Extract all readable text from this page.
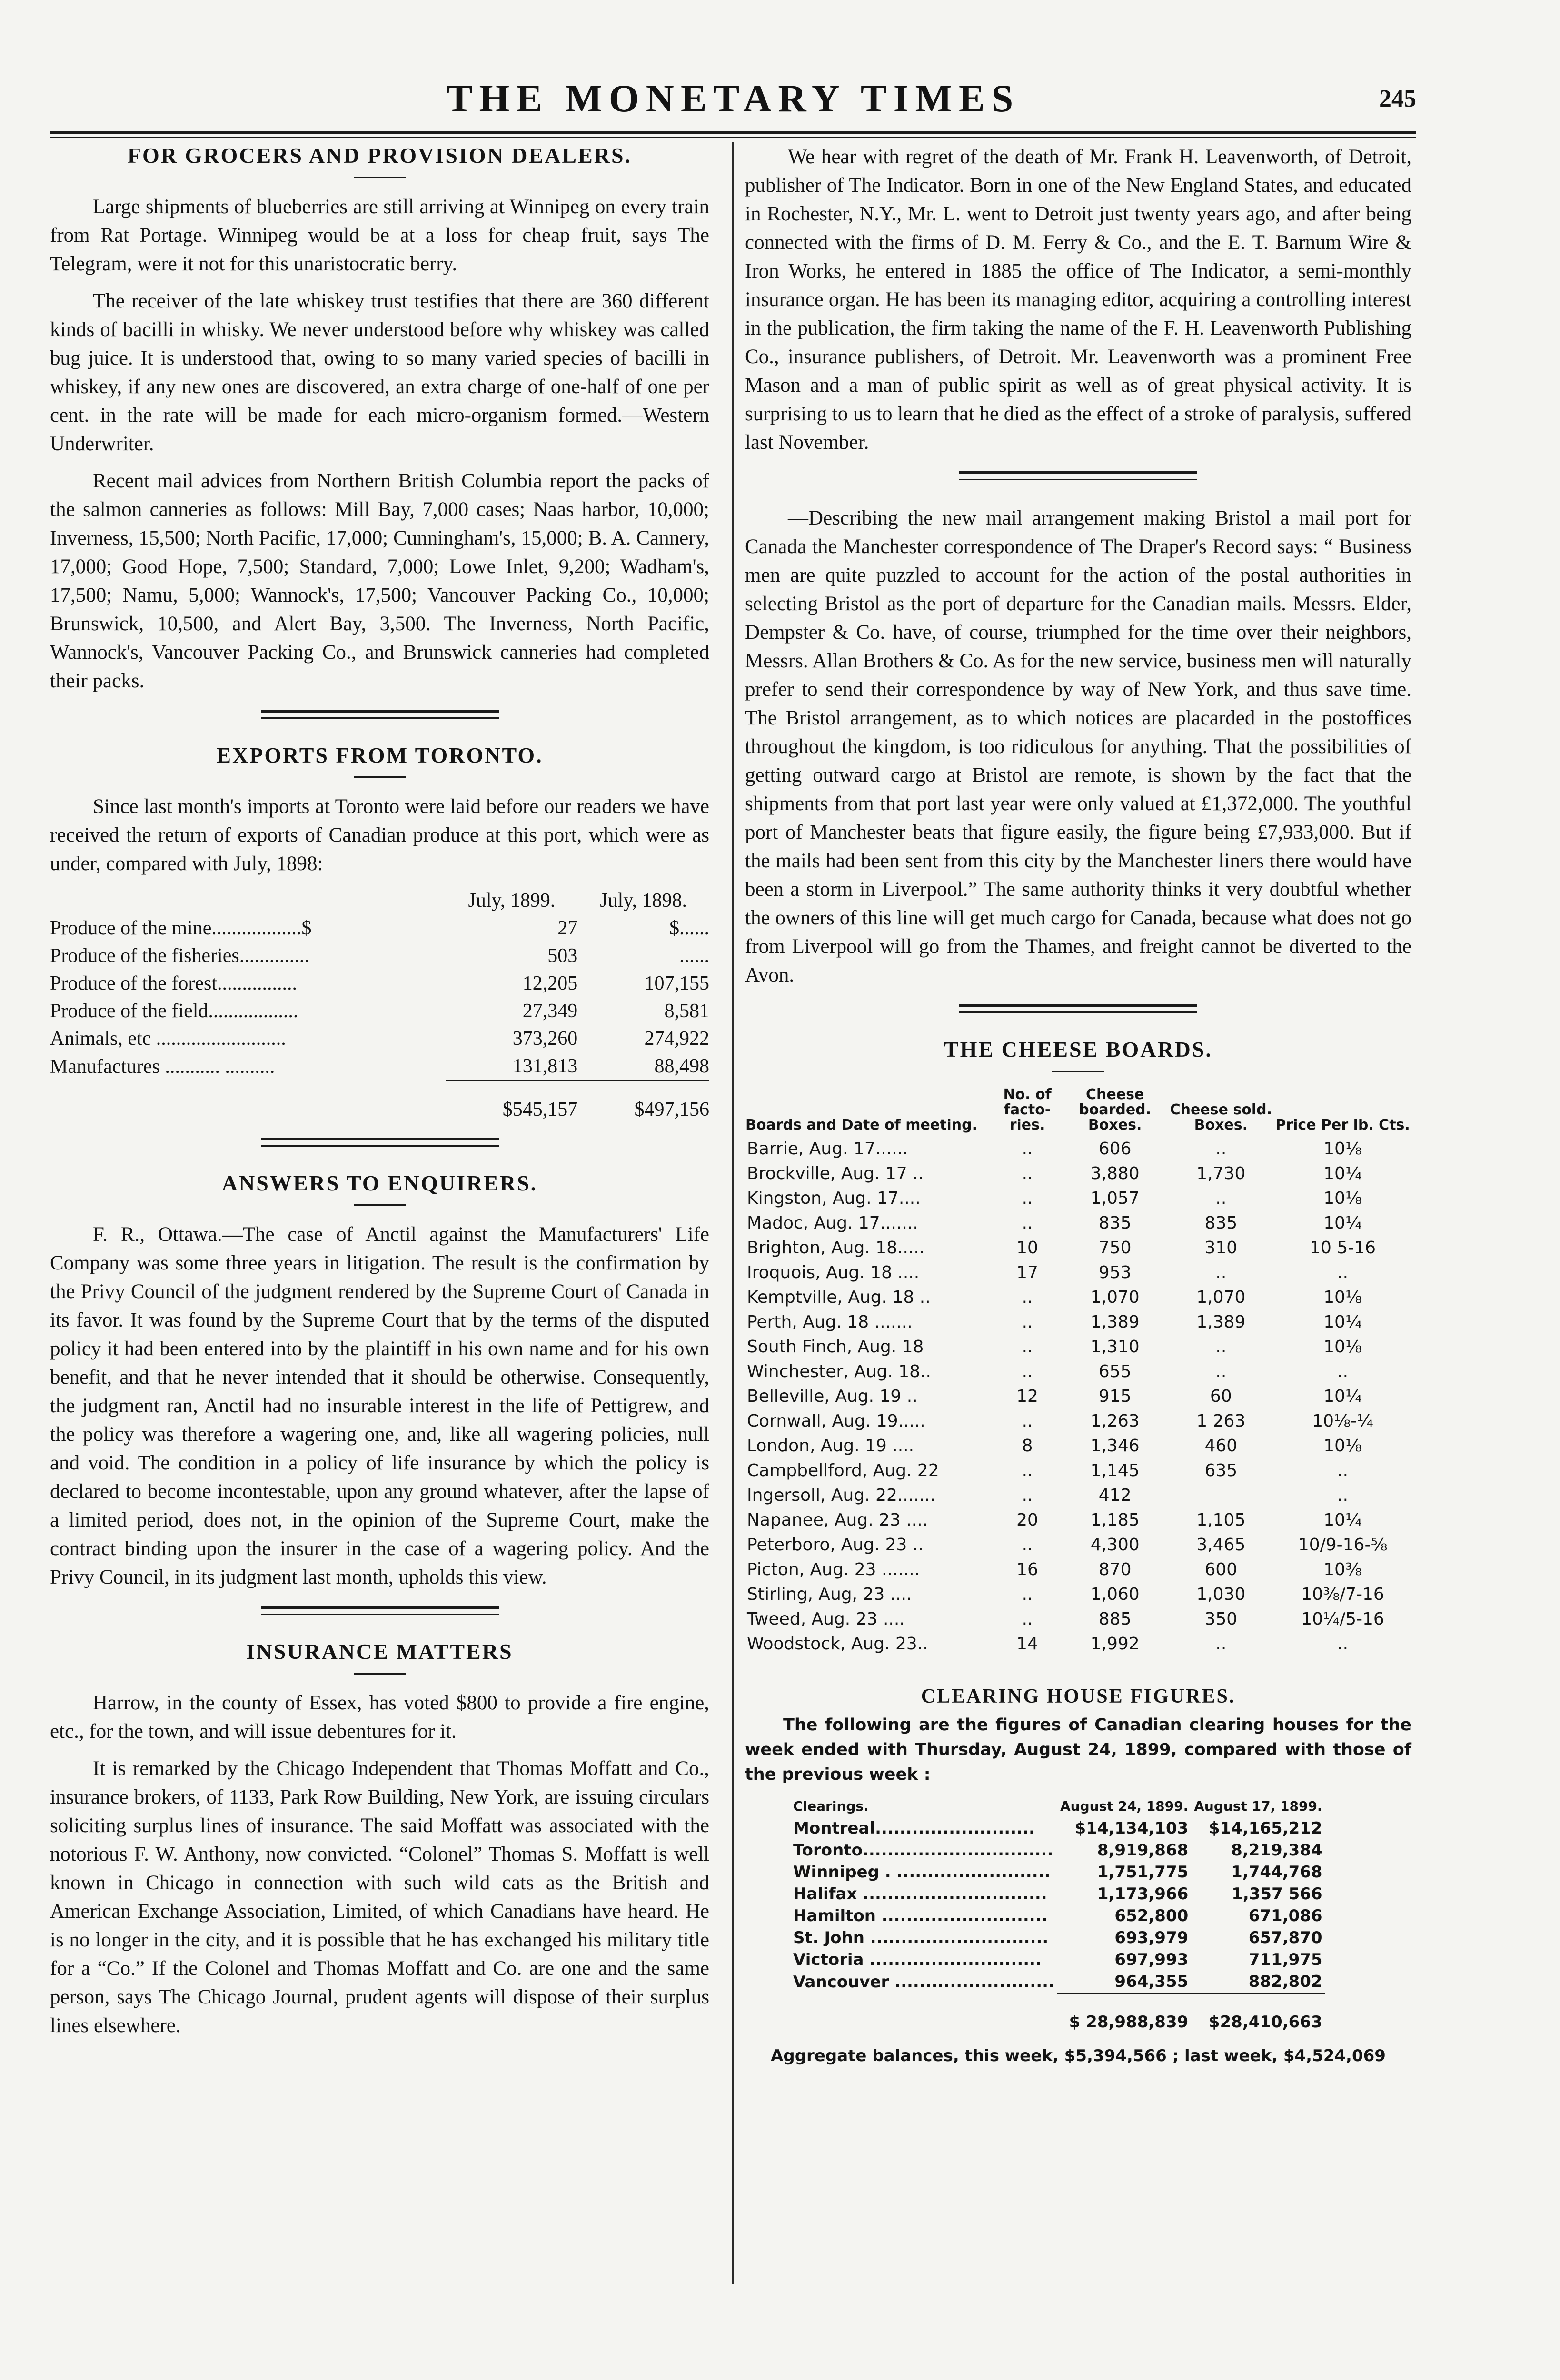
THE MONETARY TIMES	245
FOR GROCERS AND PROVISION DEALERS.

Large shipments of blueberries are still arriving at Winnipeg on every train from Rat Portage. Winnipeg would be at a loss for cheap fruit, says The Telegram, were it not for this unaristocratic berry.

The receiver of the late whiskey trust testifies that there are 360 different kinds of bacilli in whisky. We never understood before why whiskey was called bug juice. It is understood that, owing to so many varied species of bacilli in whiskey, if any new ones are discovered, an extra charge of one-half of one per cent. in the rate will be made for each micro-organism formed.—Western Underwriter.

Recent mail advices from Northern British Columbia report the packs of the salmon canneries as follows: Mill Bay, 7,000 cases; Naas harbor, 10,000; Inverness, 15,500; North Pacific, 17,000; Cunningham's, 15,000; B. A. Cannery, 17,000; Good Hope, 7,500; Standard, 7,000; Lowe Inlet, 9,200; Wadham's, 17,500; Namu, 5,000; Wannock's, 17,500; Vancouver Packing Co., 10,000; Brunswick, 10,500, and Alert Bay, 3,500. The Inverness, North Pacific, Wannock's, Vancouver Packing Co., and Brunswick canneries had completed their packs.

EXPORTS FROM TORONTO.

Since last month's imports at Toronto were laid before our readers we have received the return of exports of Canadian produce at this port, which were as under, compared with July, 1898:

	July, 1899.	July, 1898.
Produce of the mine..................$	27	$......
Produce of the fisheries..............	503	......
Produce of the forest................	12,205	107,155
Produce of the field..................	27,349	8,581
Animals, etc ..........................	373,260	274,922
Manufactures ........... ..........	131,813	88,498
	$545,157	$497,156
ANSWERS TO ENQUIRERS.

F. R., Ottawa.—The case of Anctil against the Manufacturers' Life Company was some three years in litigation. The result is the confirmation by the Privy Council of the judgment rendered by the Supreme Court of Canada in its favor. It was found by the Supreme Court that by the terms of the disputed policy it had been entered into by the plaintiff in his own name and for his own benefit, and that he never intended that it should be otherwise. Consequently, the judgment ran, Anctil had no insurable interest in the life of Pettigrew, and the policy was therefore a wagering one, and, like all wagering policies, null and void. The condition in a policy of life insurance by which the policy is declared to become incontestable, upon any ground whatever, after the lapse of a limited period, does not, in the opinion of the Supreme Court, make the contract binding upon the insurer in the case of a wagering policy. And the Privy Council, in its judgment last month, upholds this view.

INSURANCE MATTERS

Harrow, in the county of Essex, has voted $800 to provide a fire engine, etc., for the town, and will issue debentures for it.

It is remarked by the Chicago Independent that Thomas Moffatt and Co., insurance brokers, of 1133, Park Row Building, New York, are issuing circulars soliciting surplus lines of insurance. The said Moffatt was associated with the notorious F. W. Anthony, now convicted. “Colonel” Thomas S. Moffatt is well known in Chicago in connection with such wild cats as the British and American Exchange Association, Limited, of which Canadians have heard. He is no longer in the city, and it is possible that he has exchanged his military title for a “Co.” If the Colonel and Thomas Moffatt and Co. are one and the same person, says The Chicago Journal, prudent agents will dispose of their surplus lines elsewhere.

We hear with regret of the death of Mr. Frank H. Leavenworth, of Detroit, publisher of The Indicator. Born in one of the New England States, and educated in Rochester, N.Y., Mr. L. went to Detroit just twenty years ago, and after being connected with the firms of D. M. Ferry & Co., and the E. T. Barnum Wire & Iron Works, he entered in 1885 the office of The Indicator, a semi-monthly insurance organ. He has been its managing editor, acquiring a controlling interest in the publication, the firm taking the name of the F. H. Leavenworth Publishing Co., insurance publishers, of Detroit. Mr. Leavenworth was a prominent Free Mason and a man of public spirit as well as of great physical activity. It is surprising to us to learn that he died as the effect of a stroke of paralysis, suffered last November.

—Describing the new mail arrangement making Bristol a mail port for Canada the Manchester correspondence of The Draper's Record says: “ Business men are quite puzzled to account for the action of the postal authorities in selecting Bristol as the port of departure for the Canadian mails. Messrs. Elder, Dempster & Co. have, of course, triumphed for the time over their neighbors, Messrs. Allan Brothers & Co. As for the new service, business men will naturally prefer to send their correspondence by way of New York, and thus save time. The Bristol arrangement, as to which notices are placarded in the postoffices throughout the kingdom, is too ridiculous for anything. That the possibilities of getting outward cargo at Bristol are remote, is shown by the fact that the shipments from that port last year were only valued at £1,372,000. The youthful port of Manchester beats that figure easily, the figure being £7,933,000. But if the mails had been sent from this city by the Manchester liners there would have been a storm in Liverpool.” The same authority thinks it very doubtful whether the owners of this line will get much cargo for Canada, because what does not go from Liverpool will go from the Thames, and freight cannot be diverted to the Avon.

THE CHEESE BOARDS.
Boards and Date of meeting.	No. of facto- ries.	Cheese boarded. Boxes.	Cheese sold. Boxes.	Price Per lb. Cts.
Barrie, Aug. 17......	..	606	..	10⅛
Brockville, Aug. 17 ..	..	3,880	1,730	10¼
Kingston, Aug. 17....	..	1,057	..	10⅛
Madoc, Aug. 17.......	..	835	835	10¼
Brighton, Aug. 18.....	10	750	310	10 5-16
Iroquois, Aug. 18 ....	17	953	..	..
Kemptville, Aug. 18 ..	..	1,070	1,070	10⅛
Perth, Aug. 18 .......	..	1,389	1,389	10¼
South Finch, Aug. 18	..	1,310	..	10⅛
Winchester, Aug. 18..	..	655	..	..
Belleville, Aug. 19 ..	12	915	60	10¼
Cornwall, Aug. 19.....	..	1,263	1 263	10⅛-¼
London, Aug. 19 ....	8	1,346	460	10⅛
Campbellford, Aug. 22	..	1,145	635	..
Ingersoll, Aug. 22.......	..	412		..
Napanee, Aug. 23 ....	20	1,185	1,105	10¼
Peterboro, Aug. 23 ..	..	4,300	3,465	10/9-16-⅝
Picton, Aug. 23 .......	16	870	600	10⅜
Stirling, Aug, 23 ....	..	1,060	1,030	10⅜/7-16
Tweed, Aug. 23 ....	..	885	350	10¼/5-16
Woodstock, Aug. 23..	14	1,992	..	..
CLEARING HOUSE FIGURES.
The following are the figures of Canadian clearing houses for the week ended with Thursday, August 24, 1899, compared with those of the previous week :
Clearings.	August 24, 1899.	August 17, 1899.
Montreal..........................	$14,134,103	$14,165,212
Toronto...............................	8,919,868	8,219,384
Winnipeg . .........................	1,751,775	1,744,768
Halifax ..............................	1,173,966	1,357 566
Hamilton ...........................	652,800	671,086
St. John .............................	693,979	657,870
Victoria ............................	697,993	711,975
Vancouver ..........................	964,355	882,802
	$ 28,988,839	$28,410,663
Aggregate balances, this week, $5,394,566 ; last week, $4,524,069
